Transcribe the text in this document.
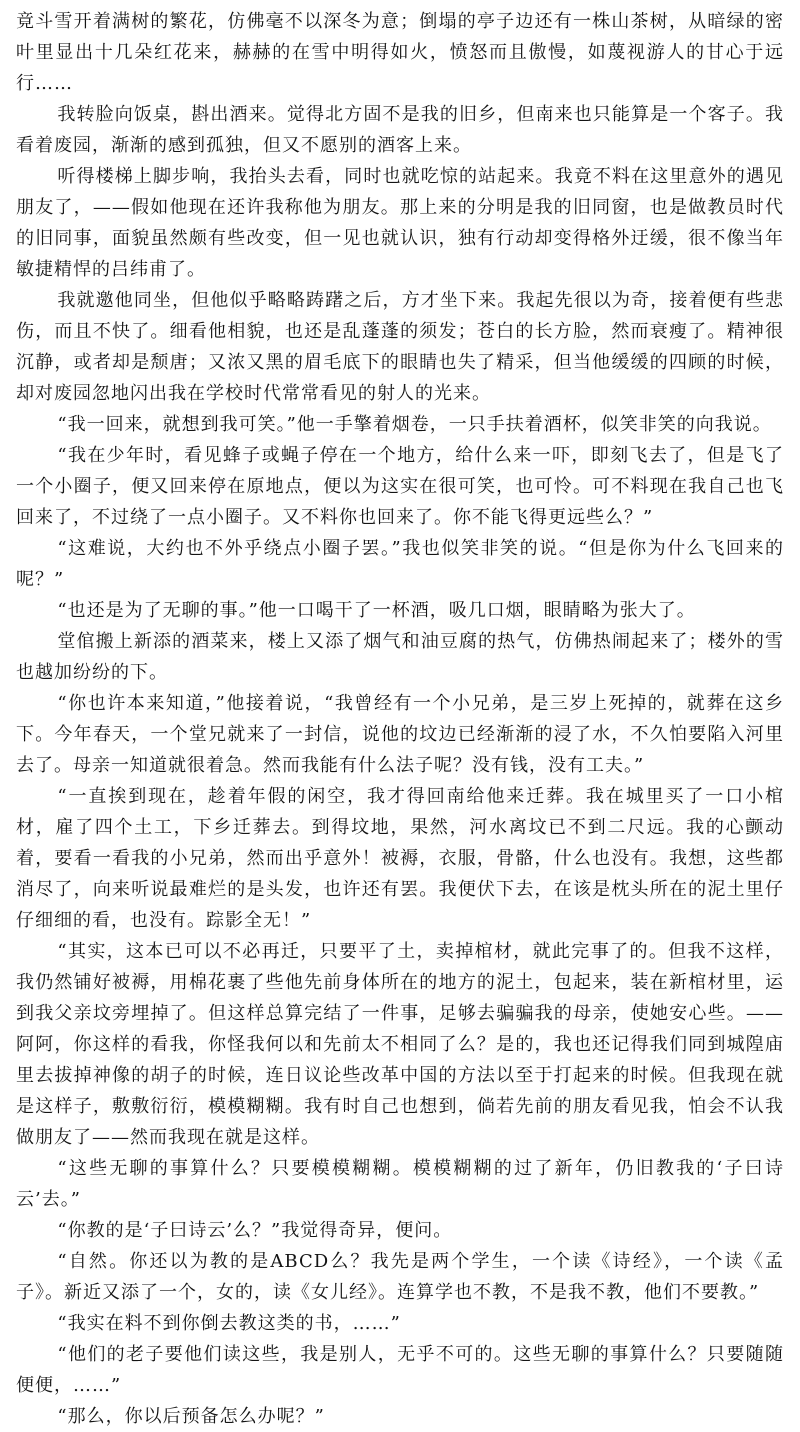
竟斗雪开着满树的繁花，仿佛毫不以深冬为意；倒塌的亭子边还有一株山茶树，从暗绿的密叶里显出十几朵红花来，赫赫的在雪中明得如火，愤怒而且傲慢，如蔑视游人的甘心于远行……

我转脸向饭桌，斟出酒来。觉得北方固不是我的旧乡，但南来也只能算是一个客子。我看着废园，渐渐的感到孤独，但又不愿别的酒客上来。

听得楼梯上脚步响，我抬头去看，同时也就吃惊的站起来。我竟不料在这里意外的遇见朋友了，——假如他现在还许我称他为朋友。那上来的分明是我的旧同窗，也是做教员时代的旧同事，面貌虽然颇有些改变，但一见也就认识，独有行动却变得格外迂缓，很不像当年敏捷精悍的吕纬甫了。

我就邀他同坐，但他似乎略略踌躇之后，方才坐下来。我起先很以为奇，接着便有些悲伤，而且不快了。细看他相貌，也还是乱蓬蓬的须发；苍白的长方脸，然而衰瘦了。精神很沉静，或者却是颓唐；又浓又黑的眉毛底下的眼睛也失了精采，但当他缓缓的四顾的时候，却对废园忽地闪出我在学校时代常常看见的射人的光来。

“我一回来，就想到我可笑。”他一手擎着烟卷，一只手扶着酒杯，似笑非笑的向我说。

“我在少年时，看见蜂子或蝇子停在一个地方，给什么来一吓，即刻飞去了，但是飞了一个小圈子，便又回来停在原地点，便以为这实在很可笑，也可怜。可不料现在我自己也飞回来了，不过绕了一点小圈子。又不料你也回来了。你不能飞得更远些么？”

“这难说，大约也不外乎绕点小圈子罢。”我也似笑非笑的说。“但是你为什么飞回来的呢？”

“也还是为了无聊的事。”他一口喝干了一杯酒，吸几口烟，眼睛略为张大了。

堂倌搬上新添的酒菜来，楼上又添了烟气和油豆腐的热气，仿佛热闹起来了；楼外的雪也越加纷纷的下。

“你也许本来知道，”他接着说，“我曾经有一个小兄弟，是三岁上死掉的，就葬在这乡下。今年春天，一个堂兄就来了一封信，说他的坟边已经渐渐的浸了水，不久怕要陷入河里去了。母亲一知道就很着急。然而我能有什么法子呢？没有钱，没有工夫。”

“一直挨到现在，趁着年假的闲空，我才得回南给他来迁葬。我在城里买了一口小棺材，雇了四个土工，下乡迁葬去。到得坟地，果然，河水离坟已不到二尺远。我的心颤动着，要看一看我的小兄弟，然而出乎意外！被褥，衣服，骨骼，什么也没有。我想，这些都消尽了，向来听说最难烂的是头发，也许还有罢。我便伏下去，在该是枕头所在的泥土里仔仔细细的看，也没有。踪影全无！”

“其实，这本已可以不必再迁，只要平了土，卖掉棺材，就此完事了的。但我不这样，我仍然铺好被褥，用棉花裹了些他先前身体所在的地方的泥土，包起来，装在新棺材里，运到我父亲坟旁埋掉了。但这样总算完结了一件事，足够去骗骗我的母亲，使她安心些。——阿阿，你这样的看我，你怪我何以和先前太不相同了么？是的，我也还记得我们同到城隍庙里去拔掉神像的胡子的时候，连日议论些改革中国的方法以至于打起来的时候。但我现在就是这样子，敷敷衍衍，模模糊糊。我有时自己也想到，倘若先前的朋友看见我，怕会不认我做朋友了——然而我现在就是这样。

“这些无聊的事算什么？只要模模糊糊。模模糊糊的过了新年，仍旧教我的‘子曰诗云’去。”

“你教的是‘子曰诗云’么？”我觉得奇异，便问。

“自然。你还以为教的是ABCD么？我先是两个学生，一个读《诗经》，一个读《孟子》。新近又添了一个，女的，读《女儿经》。连算学也不教，不是我不教，他们不要教。”

“我实在料不到你倒去教这类的书，……”

“他们的老子要他们读这些，我是别人，无乎不可的。这些无聊的事算什么？只要随随便便，……”

“那么，你以后预备怎么办呢？”
